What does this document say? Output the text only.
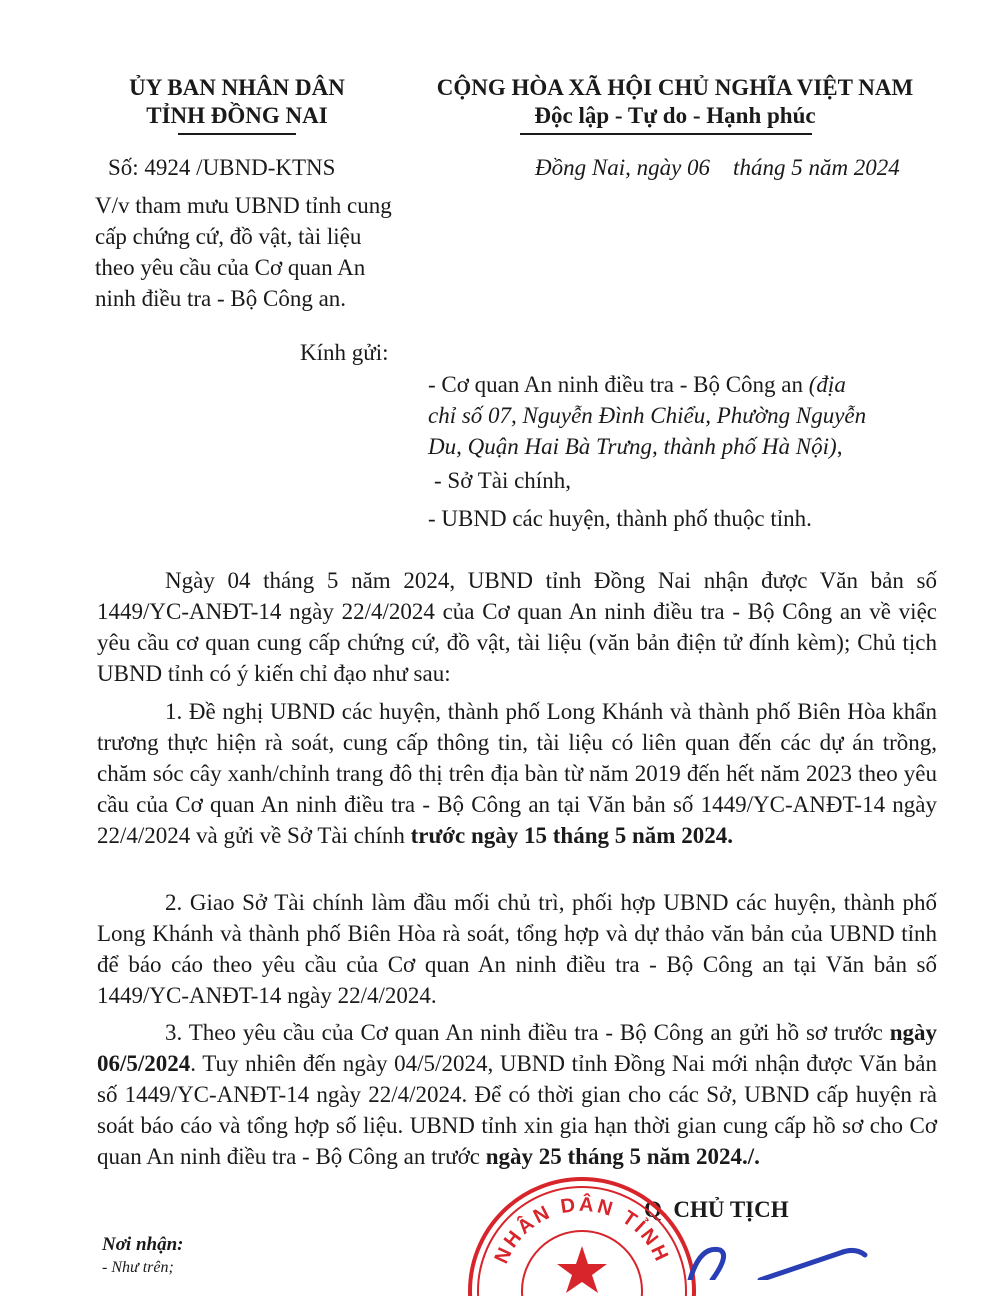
ỦY BAN NHÂN DÂN
TỈNH ĐỒNG NAI
CỘNG HÒA XÃ HỘI CHỦ NGHĨA VIỆT NAM
Độc lập - Tự do - Hạnh phúc
Số: 4924 /UBND-KTNS	Đồng Nai, ngày 06    tháng 5 năm 2024
V/v tham mưu UBND tỉnh cung
cấp chứng cứ, đồ vật, tài liệu
theo yêu cầu của Cơ quan An
ninh điều tra - Bộ Công an.
Kính gửi:
- Cơ quan An ninh điều tra - Bộ Công an (địa
chỉ số 07, Nguyễn Đình Chiểu, Phường Nguyễn
Du, Quận Hai Bà Trưng, thành phố Hà Nội),
- Sở Tài chính,
- UBND các huyện, thành phố thuộc tỉnh.
Ngày 04 tháng 5 năm 2024, UBND tỉnh Đồng Nai nhận được Văn bản số 1449/YC-ANĐT-14 ngày 22/4/2024 của Cơ quan An ninh điều tra - Bộ Công an về việc yêu cầu cơ quan cung cấp chứng cứ, đồ vật, tài liệu (văn bản điện tử đính kèm); Chủ tịch UBND tỉnh có ý kiến chỉ đạo như sau:
1. Đề nghị UBND các huyện, thành phố Long Khánh và thành phố Biên Hòa khẩn trương thực hiện rà soát, cung cấp thông tin, tài liệu có liên quan đến các dự án trồng, chăm sóc cây xanh/chỉnh trang đô thị trên địa bàn từ năm 2019 đến hết năm 2023 theo yêu cầu của Cơ quan An ninh điều tra - Bộ Công an tại Văn bản số 1449/YC-ANĐT-14 ngày 22/4/2024 và gửi về Sở Tài chính trước ngày 15 tháng 5 năm 2024.
2. Giao Sở Tài chính làm đầu mối chủ trì, phối hợp UBND các huyện, thành phố Long Khánh và thành phố Biên Hòa rà soát, tổng hợp và dự thảo văn bản của UBND tỉnh để báo cáo theo yêu cầu của Cơ quan An ninh điều tra - Bộ Công an tại Văn bản số 1449/YC-ANĐT-14 ngày 22/4/2024.
3. Theo yêu cầu của Cơ quan An ninh điều tra - Bộ Công an gửi hồ sơ trước ngày 06/5/2024. Tuy nhiên đến ngày 04/5/2024, UBND tỉnh Đồng Nai mới nhận được Văn bản số 1449/YC-ANĐT-14 ngày 22/4/2024. Để có thời gian cho các Sở, UBND cấp huyện rà soát báo cáo và tổng hợp số liệu. UBND tỉnh xin gia hạn thời gian cung cấp hồ sơ cho Cơ quan An ninh điều tra - Bộ Công an trước ngày 25 tháng 5 năm 2024./.
Nơi nhận:
- Như trên;
Q. CHỦ TỊCH
NHÂN DÂN TỈNH
